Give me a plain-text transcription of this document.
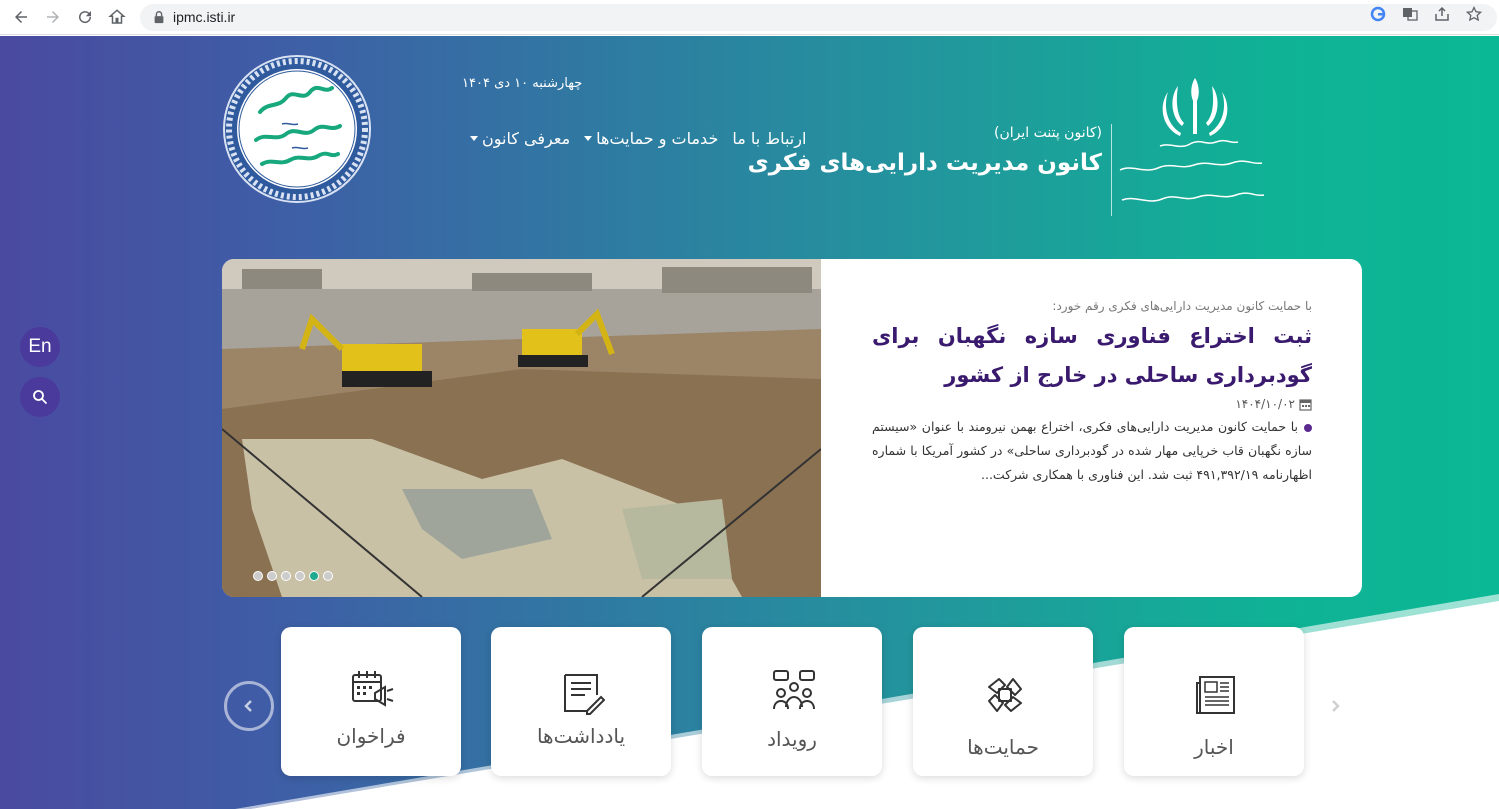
ipmc.isti.ir
(کانون پتنت ایران)
کانون مدیریت دارایی‌های فکری
معرفی کانون خدمات و حمایت‌ها ارتباط با ما
چهارشنبه ۱۰ دی ۱۴۰۴
En
با حمایت کانون مدیریت دارایی‌های فکری رقم خورد:
ثبت اختراع فناوری سازه نگهبان برای گودبرداری ساحلی در خارج از کشور
۱۴۰۴/۱۰/۰۲
با حمایت کانون مدیریت دارایی‌های فکری، اختراع بهمن نیرومند با عنوان «سیستم سازه نگهبان قاب خرپایی مهار شده در گودبرداری ساحلی» در کشور آمریکا با شماره اظهارنامه ۴۹۱,۳۹۲/۱۹ ثبت شد. این فناوری با همکاری شرکت...
اخبار
حمایت‌ها
رویداد
یادداشت‌ها
فراخوان
